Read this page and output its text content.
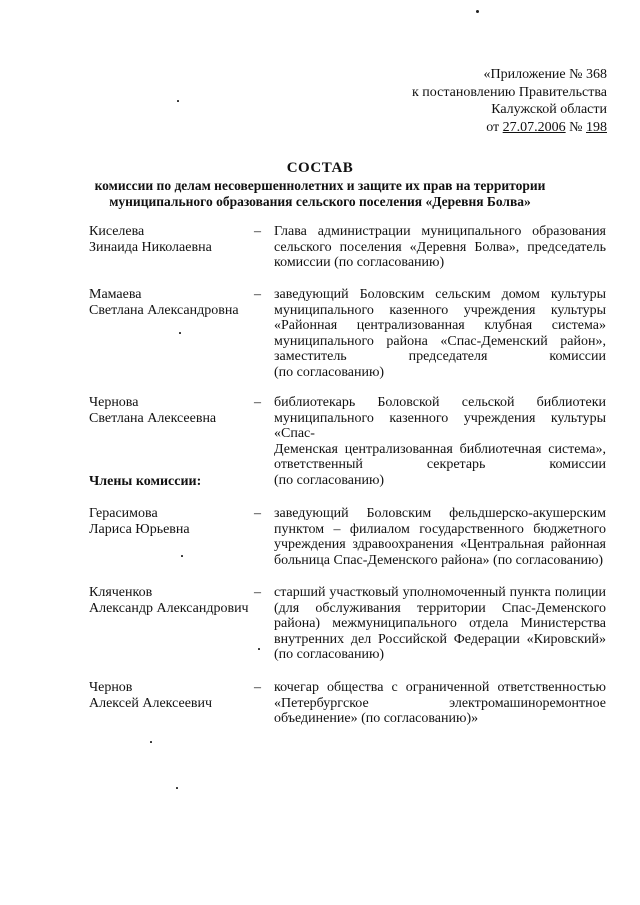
«Приложение № 368
к постановлению Правительства
Калужской области
от 27.07.2006 № 198
СОСТАВ
комиссии по делам несовершеннолетних и защите их прав на территории
муниципального образования сельского поселения «Деревня Болва»
Киселева
Зинаида Николаевна
– Глава администрации муниципального образования
сельского поселения «Деревня Болва», председатель
комиссии (по согласованию)
Мамаева
Светлана Александровна
– заведующий Боловским сельским домом культуры
муниципального казенного учреждения культуры
«Районная централизованная клубная система»
муниципального района «Спас-Деменский район»,
заместитель председателя комиссии
(по согласованию)
Чернова
Светлана Алексеевна
– библиотекарь Боловской сельской библиотеки
муниципального казенного учреждения культуры «Спас-
Деменская централизованная библиотечная система»,
ответственный секретарь комиссии
(по согласованию)
Члены комиссии:
Герасимова
Лариса Юрьевна
– заведующий Боловским фельдшерско-акушерским
пунктом – филиалом государственного бюджетного
учреждения здравоохранения «Центральная районная
больница Спас-Деменского района» (по согласованию)
Кляченков
Александр Александрович
– старший участковый уполномоченный пункта полиции
(для обслуживания территории Спас-Деменского
района) межмуниципального отдела Министерства
внутренних дел Российской Федерации «Кировский»
(по согласованию)
Чернов
Алексей Алексеевич
– кочегар общества с ограниченной ответственностью
«Петербургское электромашиноремонтное
объединение» (по согласованию)»
